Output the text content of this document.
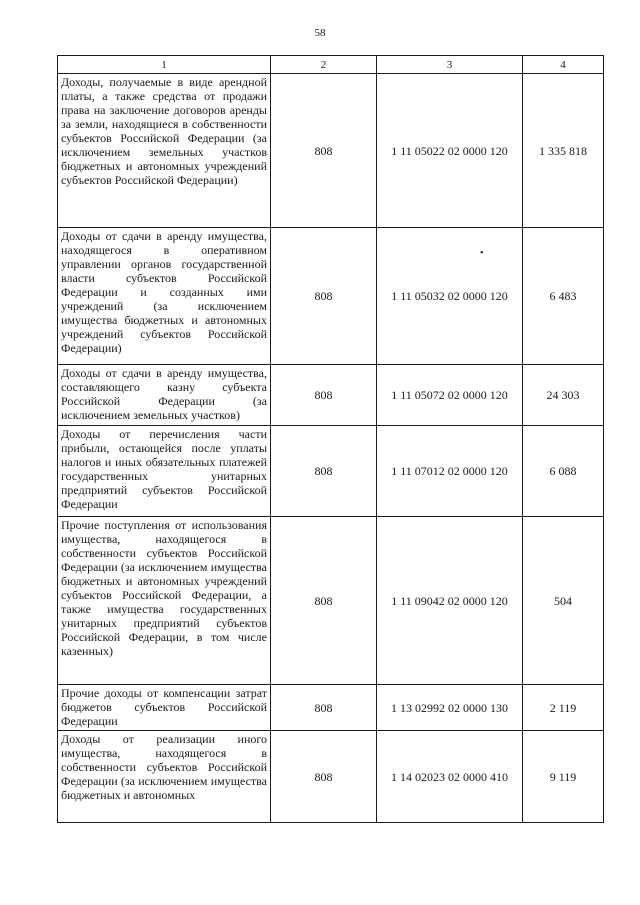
58
•
1	2	3	4
Доходы, получаемые в виде арендной платы, а также средства от продажи права на заключение договоров аренды за земли, находящиеся в собственности субъектов Российской Федерации (за исключением земельных участков бюджетных и автономных учреждений субъектов Российской Федерации)	808	1 11 05022 02 0000 120	1 335 818
Доходы от сдачи в аренду имущества, находящегося в оперативном управлении органов государственной власти субъектов Российской Федерации и созданных ими учреждений (за исключением имущества бюджетных и автономных учреждений субъектов Российской Федерации)	808	1 11 05032 02 0000 120	6 483
Доходы от сдачи в аренду имущества, составляющего казну субъекта Российской Федерации (за исключением земельных участков)	808	1 11 05072 02 0000 120	24 303
Доходы от перечисления части прибыли, остающейся после уплаты налогов и иных обязательных платежей государственных унитарных предприятий субъектов Российской Федерации	808	1 11 07012 02 0000 120	6 088
Прочие поступления от использования имущества, находящегося в собственности субъектов Российской Федерации (за исключением имущества бюджетных и автономных учреждений субъектов Российской Федерации, а также имущества государственных унитарных предприятий субъектов Российской Федерации, в том числе казенных)	808	1 11 09042 02 0000 120	504
Прочие доходы от компенсации затрат бюджетов субъектов Российской Федерации	808	1 13 02992 02 0000 130	2 119
Доходы от реализации иного имущества, находящегося в собственности субъектов Российской Федерации (за исключением имущества бюджетных и автономных	808	1 14 02023 02 0000 410	9 119
